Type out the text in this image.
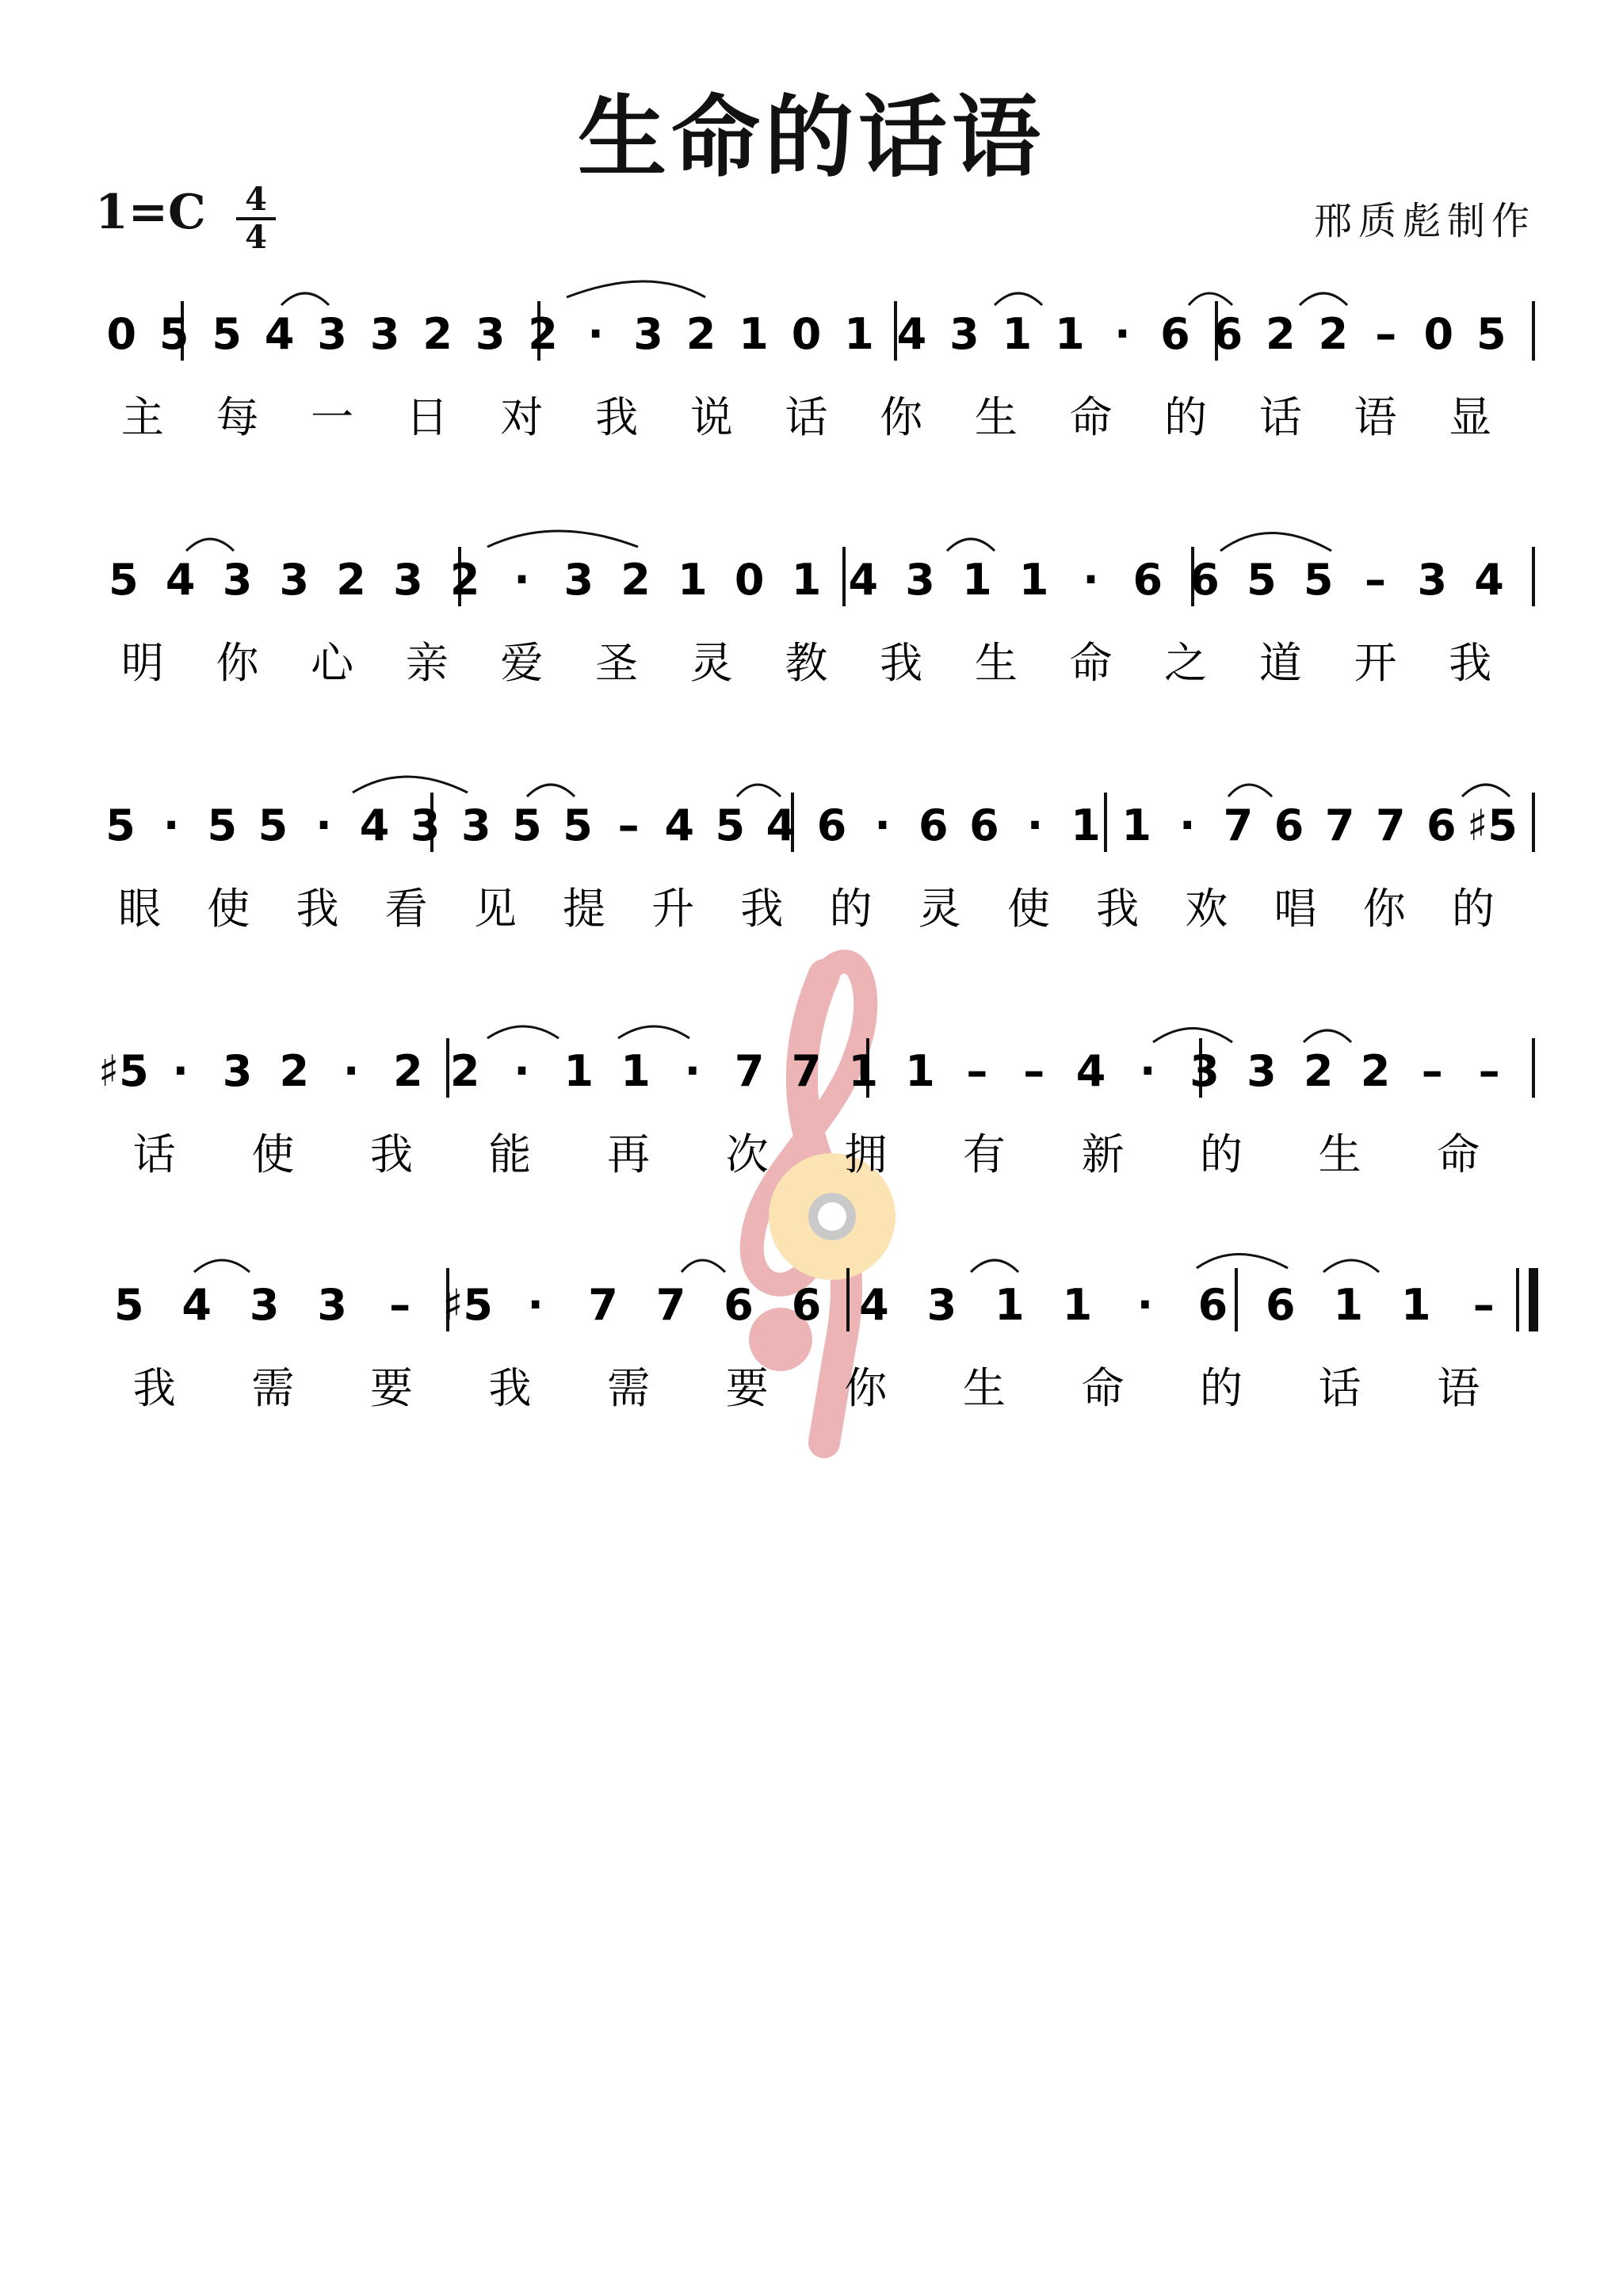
生命的话语
$1=C \frac{4}{4}$	邢质彪制作
0 5 5 4 3 3 2 3 2 · 3 2 1 0 1 4 3 1 1 · 6 6 2 2 – 0 5
5 4 3 3 2 3 2 · 3 2 1 0 1 4 3 1 1 · 6 6 5 5 – 3 4
5 · 5 5 · 4 3 3 5 5 – 4 5 4 6 · 6 6 · 1 1 · 7 6 7 7 6 ♯5
♯5 · 3 2 · 2 2 · 1 1 · 7 7 1 1 – – 4 · 3 3 2 2 – –
5 4 3 3 – ♯5 · 7 7 6 6 4 3 1 1 · 6 6 1 1 –
主 每 一 日 对 我 说 话 你 生 命 的 话 语 显
明 你 心 亲 爱 圣 灵 教 我 生 命 之 道 开 我
眼 使 我 看 见 提 升 我 的 灵 使 我 欢 唱 你 的
话 使 我 能 再 次 拥 有 新 的 生 命
我 需 要 我 需 要 你 生 命 的 话 语
